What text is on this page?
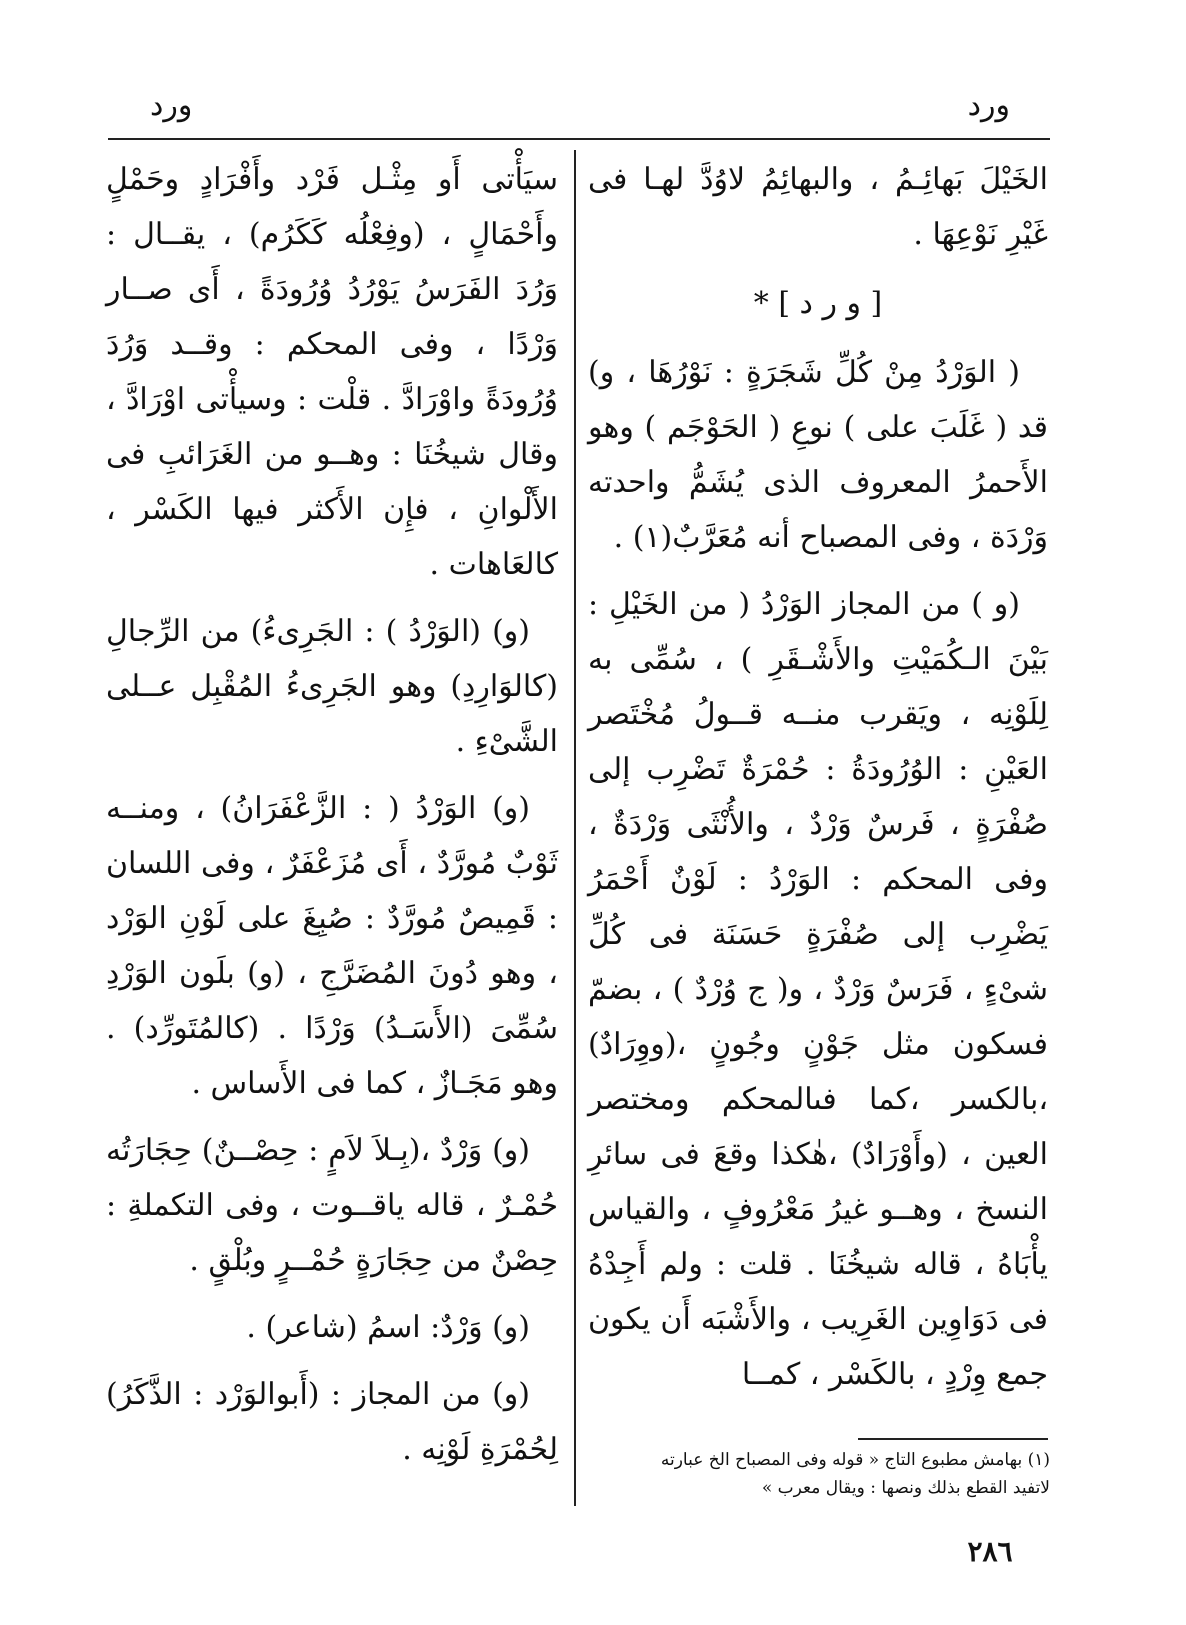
ورد
ورد

الخَيْلَ بَهائِـمُ ، والبهائِمُ لاوُدَّ لهـا فى غَيْرِ نَوْعِهَا .

[ و ر د ] *

( الوَرْدُ مِنْ كُلِّ شَجَرَةٍ : نَوْرُهَا ، و) قد ( غَلَبَ على ) نوعِ ( الحَوْجَم ) وهو الأَحمرُ المعروف الذى يُشَمُّ واحدته وَرْدَة ، وفى المصباح أنه مُعَرَّبٌ(١) .

(و ) من المجاز الوَرْدُ ( من الخَيْلِ : بَيْنَ الـكُمَيْتِ والأَشْـقَرِ ) ، سُمِّى به لِلَوْنِه ، ويَقرب منــه قــولُ مُخْتَصر العَيْنِ : الوُرُودَةُ : حُمْرَةٌ تَضْرِب إلى صُفْرَةٍ ، فَرسٌ وَرْدٌ ، والأُنْثَى وَرْدَةٌ ، وفى المحكم : الوَرْدُ : لَوْنٌ أَحْمَرُ يَضْرِب إلى صُفْرَةٍ حَسَنَة فى كُلِّ شىْءٍ ، فَرَسٌ وَرْدٌ ، و( ج وُرْدٌ ) ، بضمّ فسكون مثل جَوْنٍ وجُونٍ ،(ووِرَادٌ) ،بالكسر ،كما فىالمحكم ومختصر العين ، (وأَوْرَادٌ) ،هٰكذا وقعَ فى سائرِ النسخ ، وهــو غيرُ مَعْرُوفٍ ، والقياس يأْبَاهُ ، قاله شيخُنَا . قلت : ولم أَجِدْهُ فى دَوَاوِين الغَرِيب ، والأَشْبَه أَن يكون جمع وِرْدٍ ، بالكَسْر ، كمــا

سيَأْتى أَو مِثْـل فَرْد وأَفْرَادٍ وحَمْلٍ وأَحْمَالٍ ، (وفِعْلُه كَكَرُم) ، يقــال : وَرُدَ الفَرَسُ يَوْرُدُ وُرُودَةً ، أَى صــار وَرْدًا ، وفى المحكم : وقــد وَرُدَ وُرُودَةً واوْرَادَّ . قلْت : وسيأْتى اوْرَادَّ ، وقال شيخُنَا : وهــو من الغَرَائبِ فى الأَلْوانِ ، فإِن الأَكثر فيها الكَسْر ، كالعَاهات .

(و) (الوَرْدُ ) : الجَرِىءُ) من الرِّجالِ (كالوَارِدِ) وهو الجَرِىءُ المُقْبِل عــلى الشَّىْءِ .

(و) الوَرْدُ ( : الزَّعْفَرَانُ) ، ومنــه ثَوْبٌ مُورَّدٌ ، أَى مُزَعْفَرٌ ، وفى اللسان : قَمِيصٌ مُورَّدٌ : صُبِغَ على لَوْنِ الوَرْد ، وهو دُونَ المُضَرَّجِ ، (و) بلَون الوَرْدِ سُمِّىَ (الأَسَـدُ) وَرْدًا . (كالمُتَورِّد) . وهو مَجَـازٌ ، كما فى الأَساس .

(و) وَرْدٌ ،(بِـلاَ لاَمٍ : حِصْــنٌ) حِجَارَتُه حُمْـرٌ ، قاله ياقــوت ، وفى التكملةِ : حِصْنٌ من حِجَارَةٍ حُمْــرٍ وبُلْقٍ .

(و) وَرْدٌ: اسمُ (شاعر) .

(و) من المجاز : (أَبوالوَرْد : الذَّكَرُ) لِحُمْرَةِ لَوْنِه .	(١) بهامش مطبوع التاج « قوله وفى المصباح الخ عبارته

لاتفيد القطع بذلك ونصها : ويقال معرب »

٢٨٦
